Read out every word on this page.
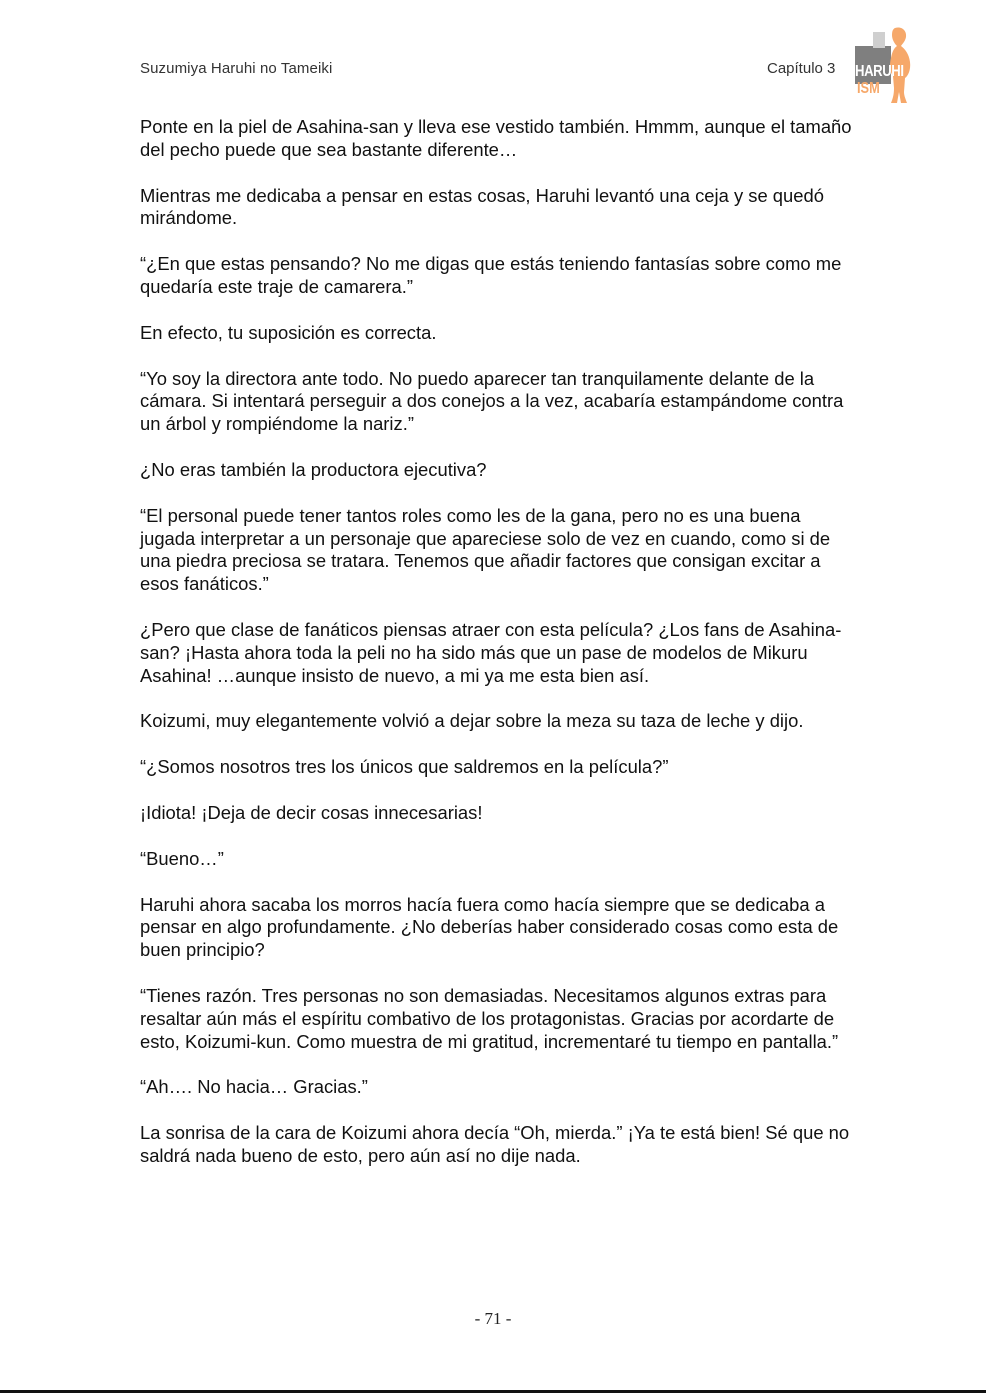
Suzumiya Haruhi no Tameiki	Capítulo 3 HARUHI
ISM

Ponte en la piel de Asahina-san y lleva ese vestido también. Hmmm, aunque el tamaño del pecho puede que sea bastante diferente…

Mientras me dedicaba a pensar en estas cosas, Haruhi levantó una ceja y se quedó mirándome.

“¿En que estas pensando? No me digas que estás teniendo fantasías sobre como me quedaría este traje de camarera.”

En efecto, tu suposición es correcta.

“Yo soy la directora ante todo. No puedo aparecer tan tranquilamente delante de la cámara. Si intentará perseguir a dos conejos a la vez, acabaría estampándome contra un árbol y rompiéndome la nariz.”

¿No eras también la productora ejecutiva?

“El personal puede tener tantos roles como les de la gana, pero no es una buena jugada interpretar a un personaje que apareciese solo de vez en cuando, como si de una piedra preciosa se tratara. Tenemos que añadir factores que consigan excitar a esos fanáticos.”

¿Pero que clase de fanáticos piensas atraer con esta película? ¿Los fans de Asahina-san? ¡Hasta ahora toda la peli no ha sido más que un pase de modelos de Mikuru Asahina! …aunque insisto de nuevo, a mi ya me esta bien así.

Koizumi, muy elegantemente volvió a dejar sobre la meza su taza de leche y dijo.

“¿Somos nosotros tres los únicos que saldremos en la película?”

¡Idiota! ¡Deja de decir cosas innecesarias!

“Bueno…”

Haruhi ahora sacaba los morros hacía fuera como hacía siempre que se dedicaba a pensar en algo profundamente. ¿No deberías haber considerado cosas como esta de buen principio?

“Tienes razón. Tres personas no son demasiadas. Necesitamos algunos extras para resaltar aún más el espíritu combativo de los protagonistas. Gracias por acordarte de esto, Koizumi-kun. Como muestra de mi gratitud, incrementaré tu tiempo en pantalla.”

“Ah…. No hacia… Gracias.”

La sonrisa de la cara de Koizumi ahora decía “Oh, mierda.” ¡Ya te está bien! Sé que no saldrá nada bueno de esto, pero aún así no dije nada.

- 71 -
